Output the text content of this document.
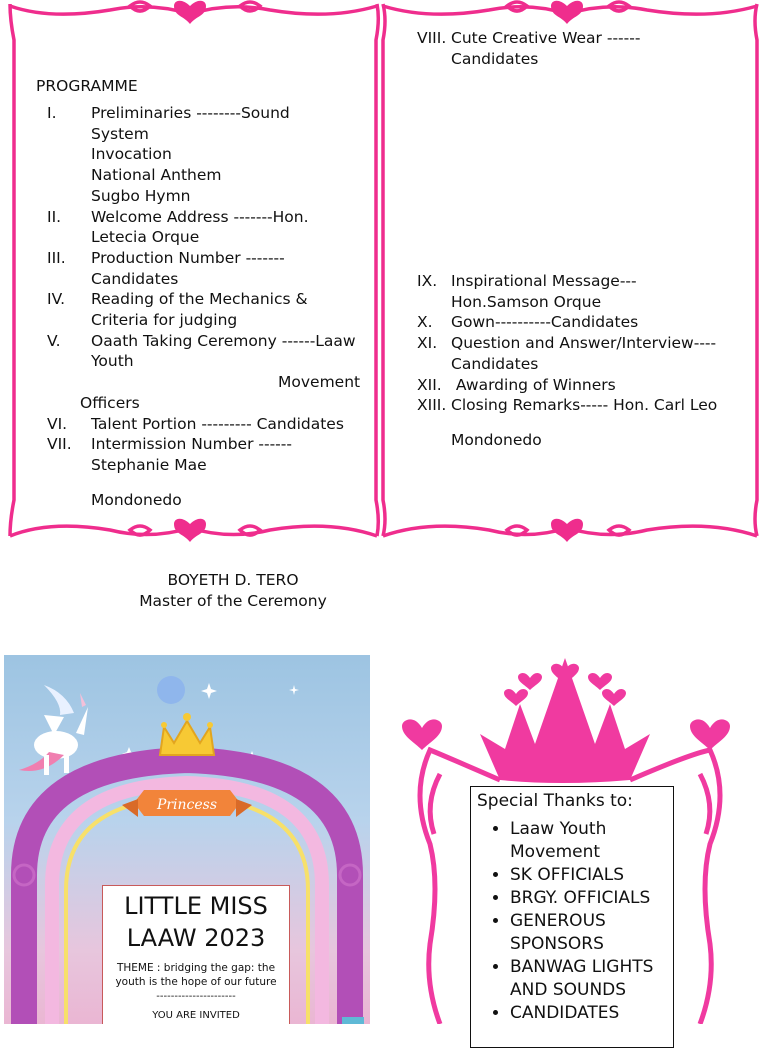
PROGRAMME
I. Preliminaries --------Sound
System
Invocation
National Anthem
Sugbo Hymn
II. Welcome Address -------Hon.
Letecia Orque
III. Production Number -------
Candidates
IV. Reading of the Mechanics &
Criteria for judging
V. Oaath Taking Ceremony ------Laaw
Youth
Movement
Officers
VI. Talent Portion --------- Candidates
VII. Intermission Number ------
Stephanie Mae
Mondonedo
VIII. Cute Creative Wear ------
Candidates
IX. Inspirational Message---
Hon.Samson Orque
X. Gown----------Candidates
XI. Question and Answer/Interview----
Candidates
XII. Awarding of Winners
XIII. Closing Remarks----- Hon. Carl Leo
Mondonedo
BOYETH D. TERO
Master of the Ceremony
Princess
LITTLE MISS
LAAW 2023
THEME : bridging the gap: the youth is the hope of our future
----------------------
YOU ARE INVITED
Special Thanks to:
• Laaw Youth Movement
• SK OFFICIALS
• BRGY. OFFICIALS
• GENEROUS SPONSORS
• BANWAG LIGHTS AND SOUNDS
• CANDIDATES
